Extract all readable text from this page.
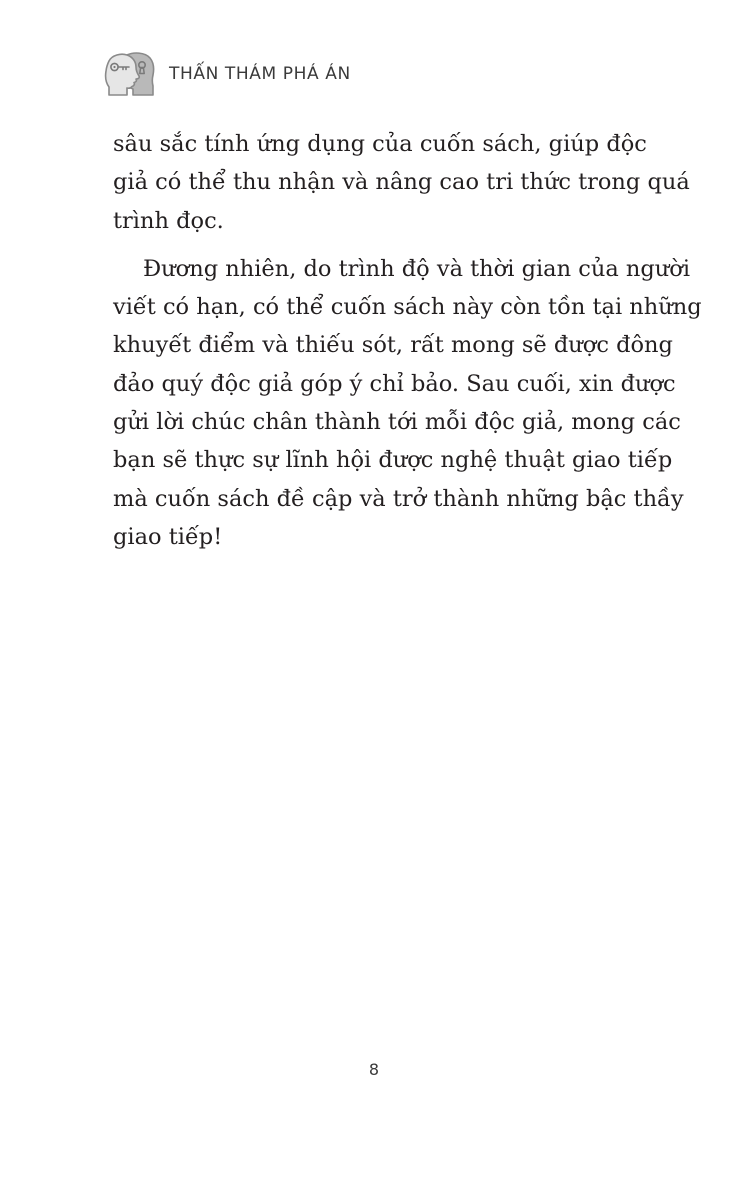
THẤN THÁM PHÁ ÁN

sâu sắc tính ứng dụng của cuốn sách, giúp độc
giả có thể thu nhận và nâng cao tri thức trong quá
trình đọc.

Đương nhiên, do trình độ và thời gian của người
viết có hạn, có thể cuốn sách này còn tồn tại những
khuyết điểm và thiếu sót, rất mong sẽ được đông
đảo quý độc giả góp ý chỉ bảo. Sau cuối, xin được
gửi lời chúc chân thành tới mỗi độc giả, mong các
bạn sẽ thực sự lĩnh hội được nghệ thuật giao tiếp
mà cuốn sách đề cập và trở thành những bậc thầy
giao tiếp!

8
